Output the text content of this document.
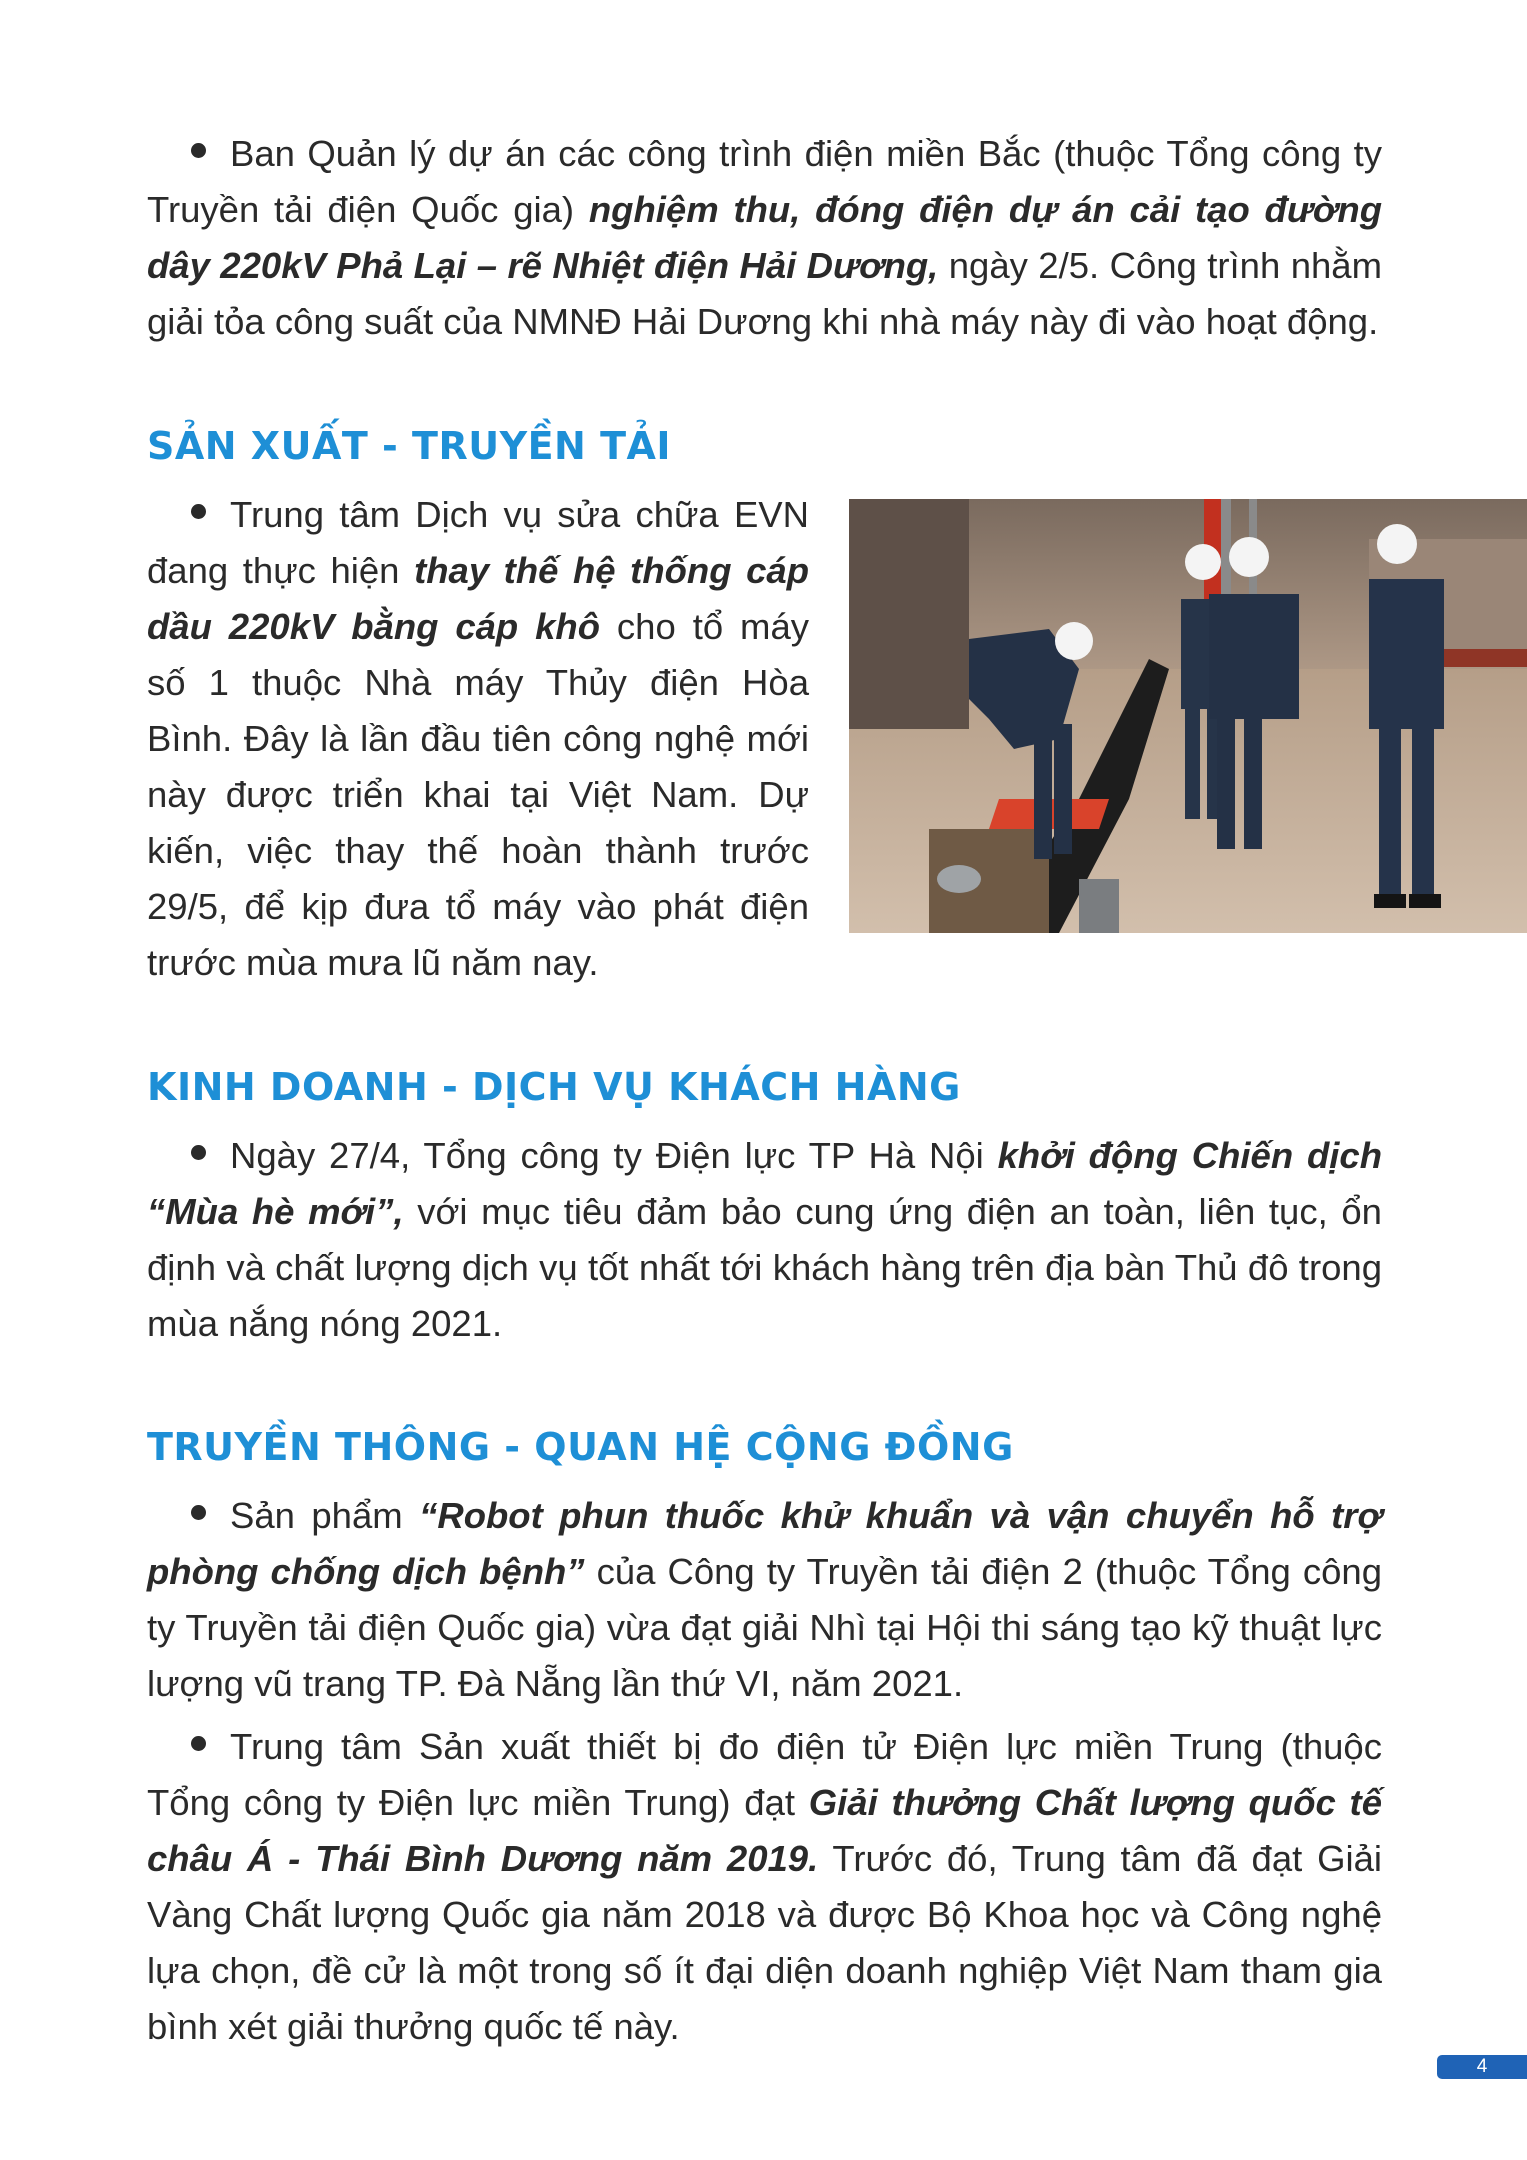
Ban Quản lý dự án các công trình điện miền Bắc (thuộc Tổng công ty Truyền tải điện Quốc gia) nghiệm thu, đóng điện dự án cải tạo đường dây 220kV Phả Lại – rẽ Nhiệt điện Hải Dương, ngày 2/5. Công trình nhằm giải tỏa công suất của NMNĐ Hải Dương khi nhà máy này đi vào hoạt động.

SẢN XUẤT - TRUYỀN TẢI

Trung tâm Dịch vụ sửa chữa EVN đang thực hiện thay thế hệ thống cáp dầu 220kV bằng cáp khô cho tổ máy số 1 thuộc Nhà máy Thủy điện Hòa Bình. Đây là lần đầu tiên công nghệ mới này được triển khai tại Việt Nam. Dự kiến, việc thay thế hoàn thành trước 29/5, để kịp đưa tổ máy vào phát điện trước mùa mưa lũ năm nay.

KINH DOANH - DỊCH VỤ KHÁCH HÀNG

Ngày 27/4, Tổng công ty Điện lực TP Hà Nội khởi động Chiến dịch “Mùa hè mới”, với mục tiêu đảm bảo cung ứng điện an toàn, liên tục, ổn định và chất lượng dịch vụ tốt nhất tới khách hàng trên địa bàn Thủ đô trong mùa nắng nóng 2021.

TRUYỀN THÔNG - QUAN HỆ CỘNG ĐỒNG

Sản phẩm “Robot phun thuốc khử khuẩn và vận chuyển hỗ trợ phòng chống dịch bệnh” của Công ty Truyền tải điện 2 (thuộc Tổng công ty Truyền tải điện Quốc gia) vừa đạt giải Nhì tại Hội thi sáng tạo kỹ thuật lực lượng vũ trang TP. Đà Nẵng lần thứ VI, năm 2021.

Trung tâm Sản xuất thiết bị đo điện tử Điện lực miền Trung (thuộc Tổng công ty Điện lực miền Trung) đạt Giải thưởng Chất lượng quốc tế châu Á - Thái Bình Dương năm 2019. Trước đó, Trung tâm đã đạt Giải Vàng Chất lượng Quốc gia năm 2018 và được Bộ Khoa học và Công nghệ lựa chọn, đề cử là một trong số ít đại diện doanh nghiệp Việt Nam tham gia bình xét giải thưởng quốc tế này.

4
